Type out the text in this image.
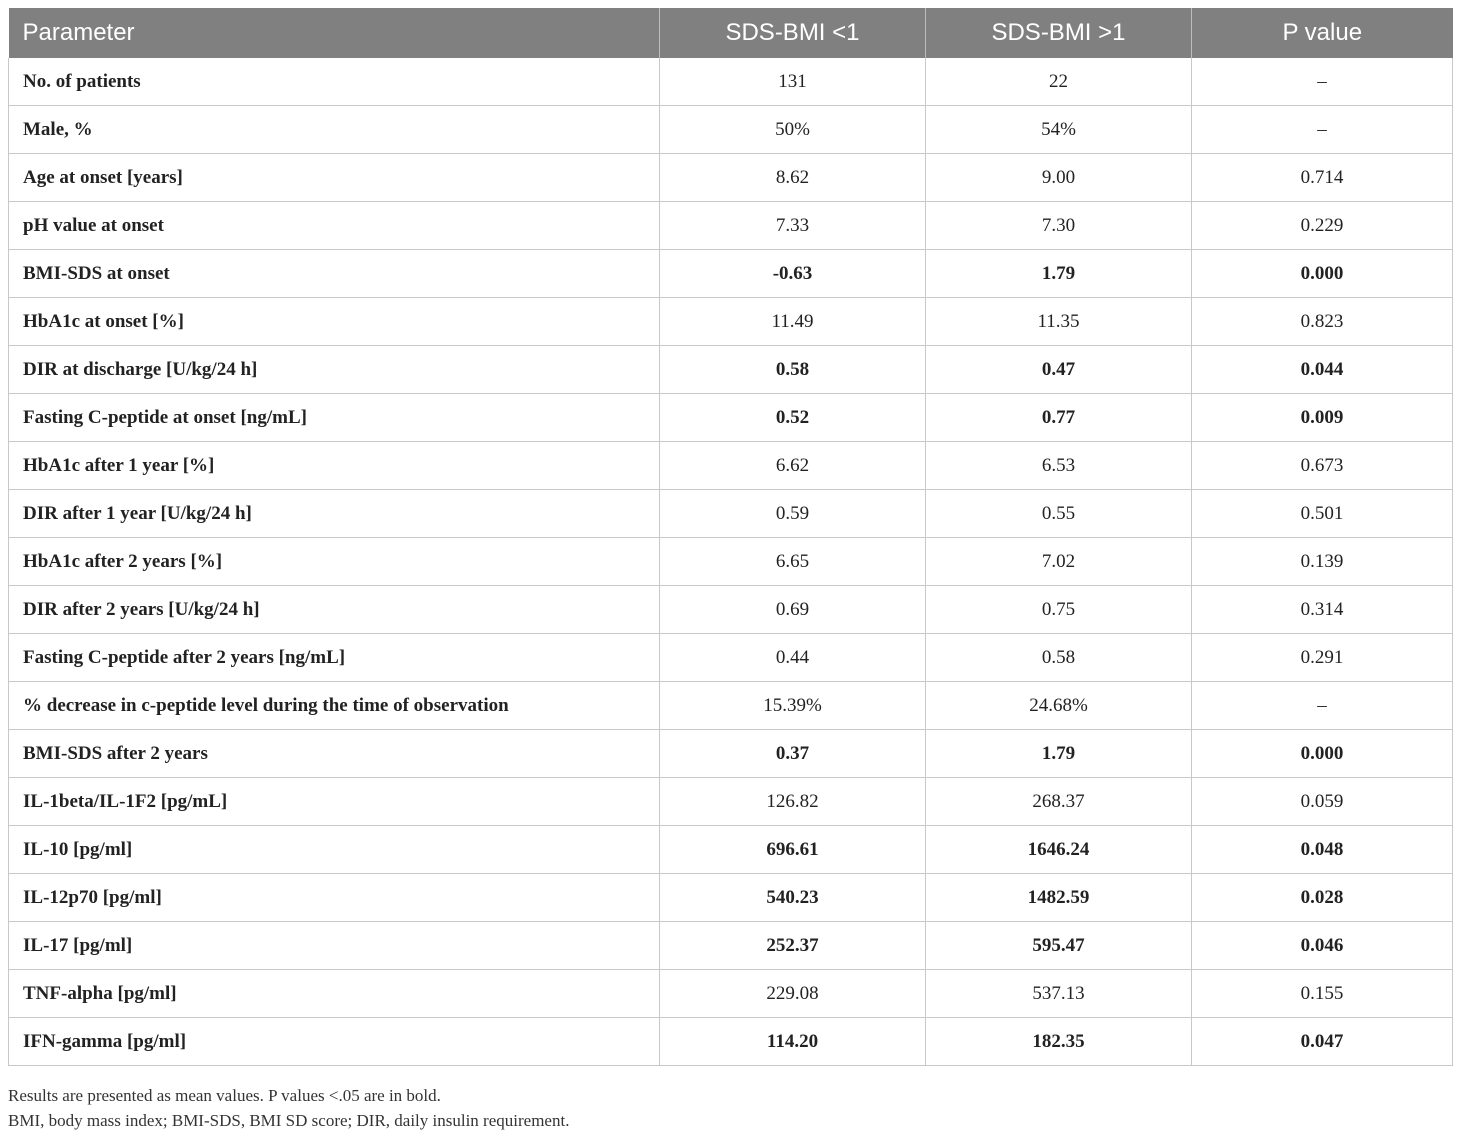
Parameter	SDS-BMI <1	SDS-BMI >1	P value
No. of patients	131	22	–
Male, %	50%	54%	–
Age at onset [years]	8.62	9.00	0.714
pH value at onset	7.33	7.30	0.229
BMI-SDS at onset	-0.63	1.79	0.000
HbA1c at onset [%]	11.49	11.35	0.823
DIR at discharge [U/kg/24 h]	0.58	0.47	0.044
Fasting C-peptide at onset [ng/mL]	0.52	0.77	0.009
HbA1c after 1 year [%]	6.62	6.53	0.673
DIR after 1 year [U/kg/24 h]	0.59	0.55	0.501
HbA1c after 2 years [%]	6.65	7.02	0.139
DIR after 2 years [U/kg/24 h]	0.69	0.75	0.314
Fasting C-peptide after 2 years [ng/mL]	0.44	0.58	0.291
% decrease in c-peptide level during the time of observation	15.39%	24.68%	–
BMI-SDS after 2 years	0.37	1.79	0.000
IL-1beta/IL-1F2 [pg/mL]	126.82	268.37	0.059
IL-10 [pg/ml]	696.61	1646.24	0.048
IL-12p70 [pg/ml]	540.23	1482.59	0.028
IL-17 [pg/ml]	252.37	595.47	0.046
TNF-alpha [pg/ml]	229.08	537.13	0.155
IFN-gamma [pg/ml]	114.20	182.35	0.047
Results are presented as mean values. P values <.05 are in bold.
BMI, body mass index; BMI-SDS, BMI SD score; DIR, daily insulin requirement.
